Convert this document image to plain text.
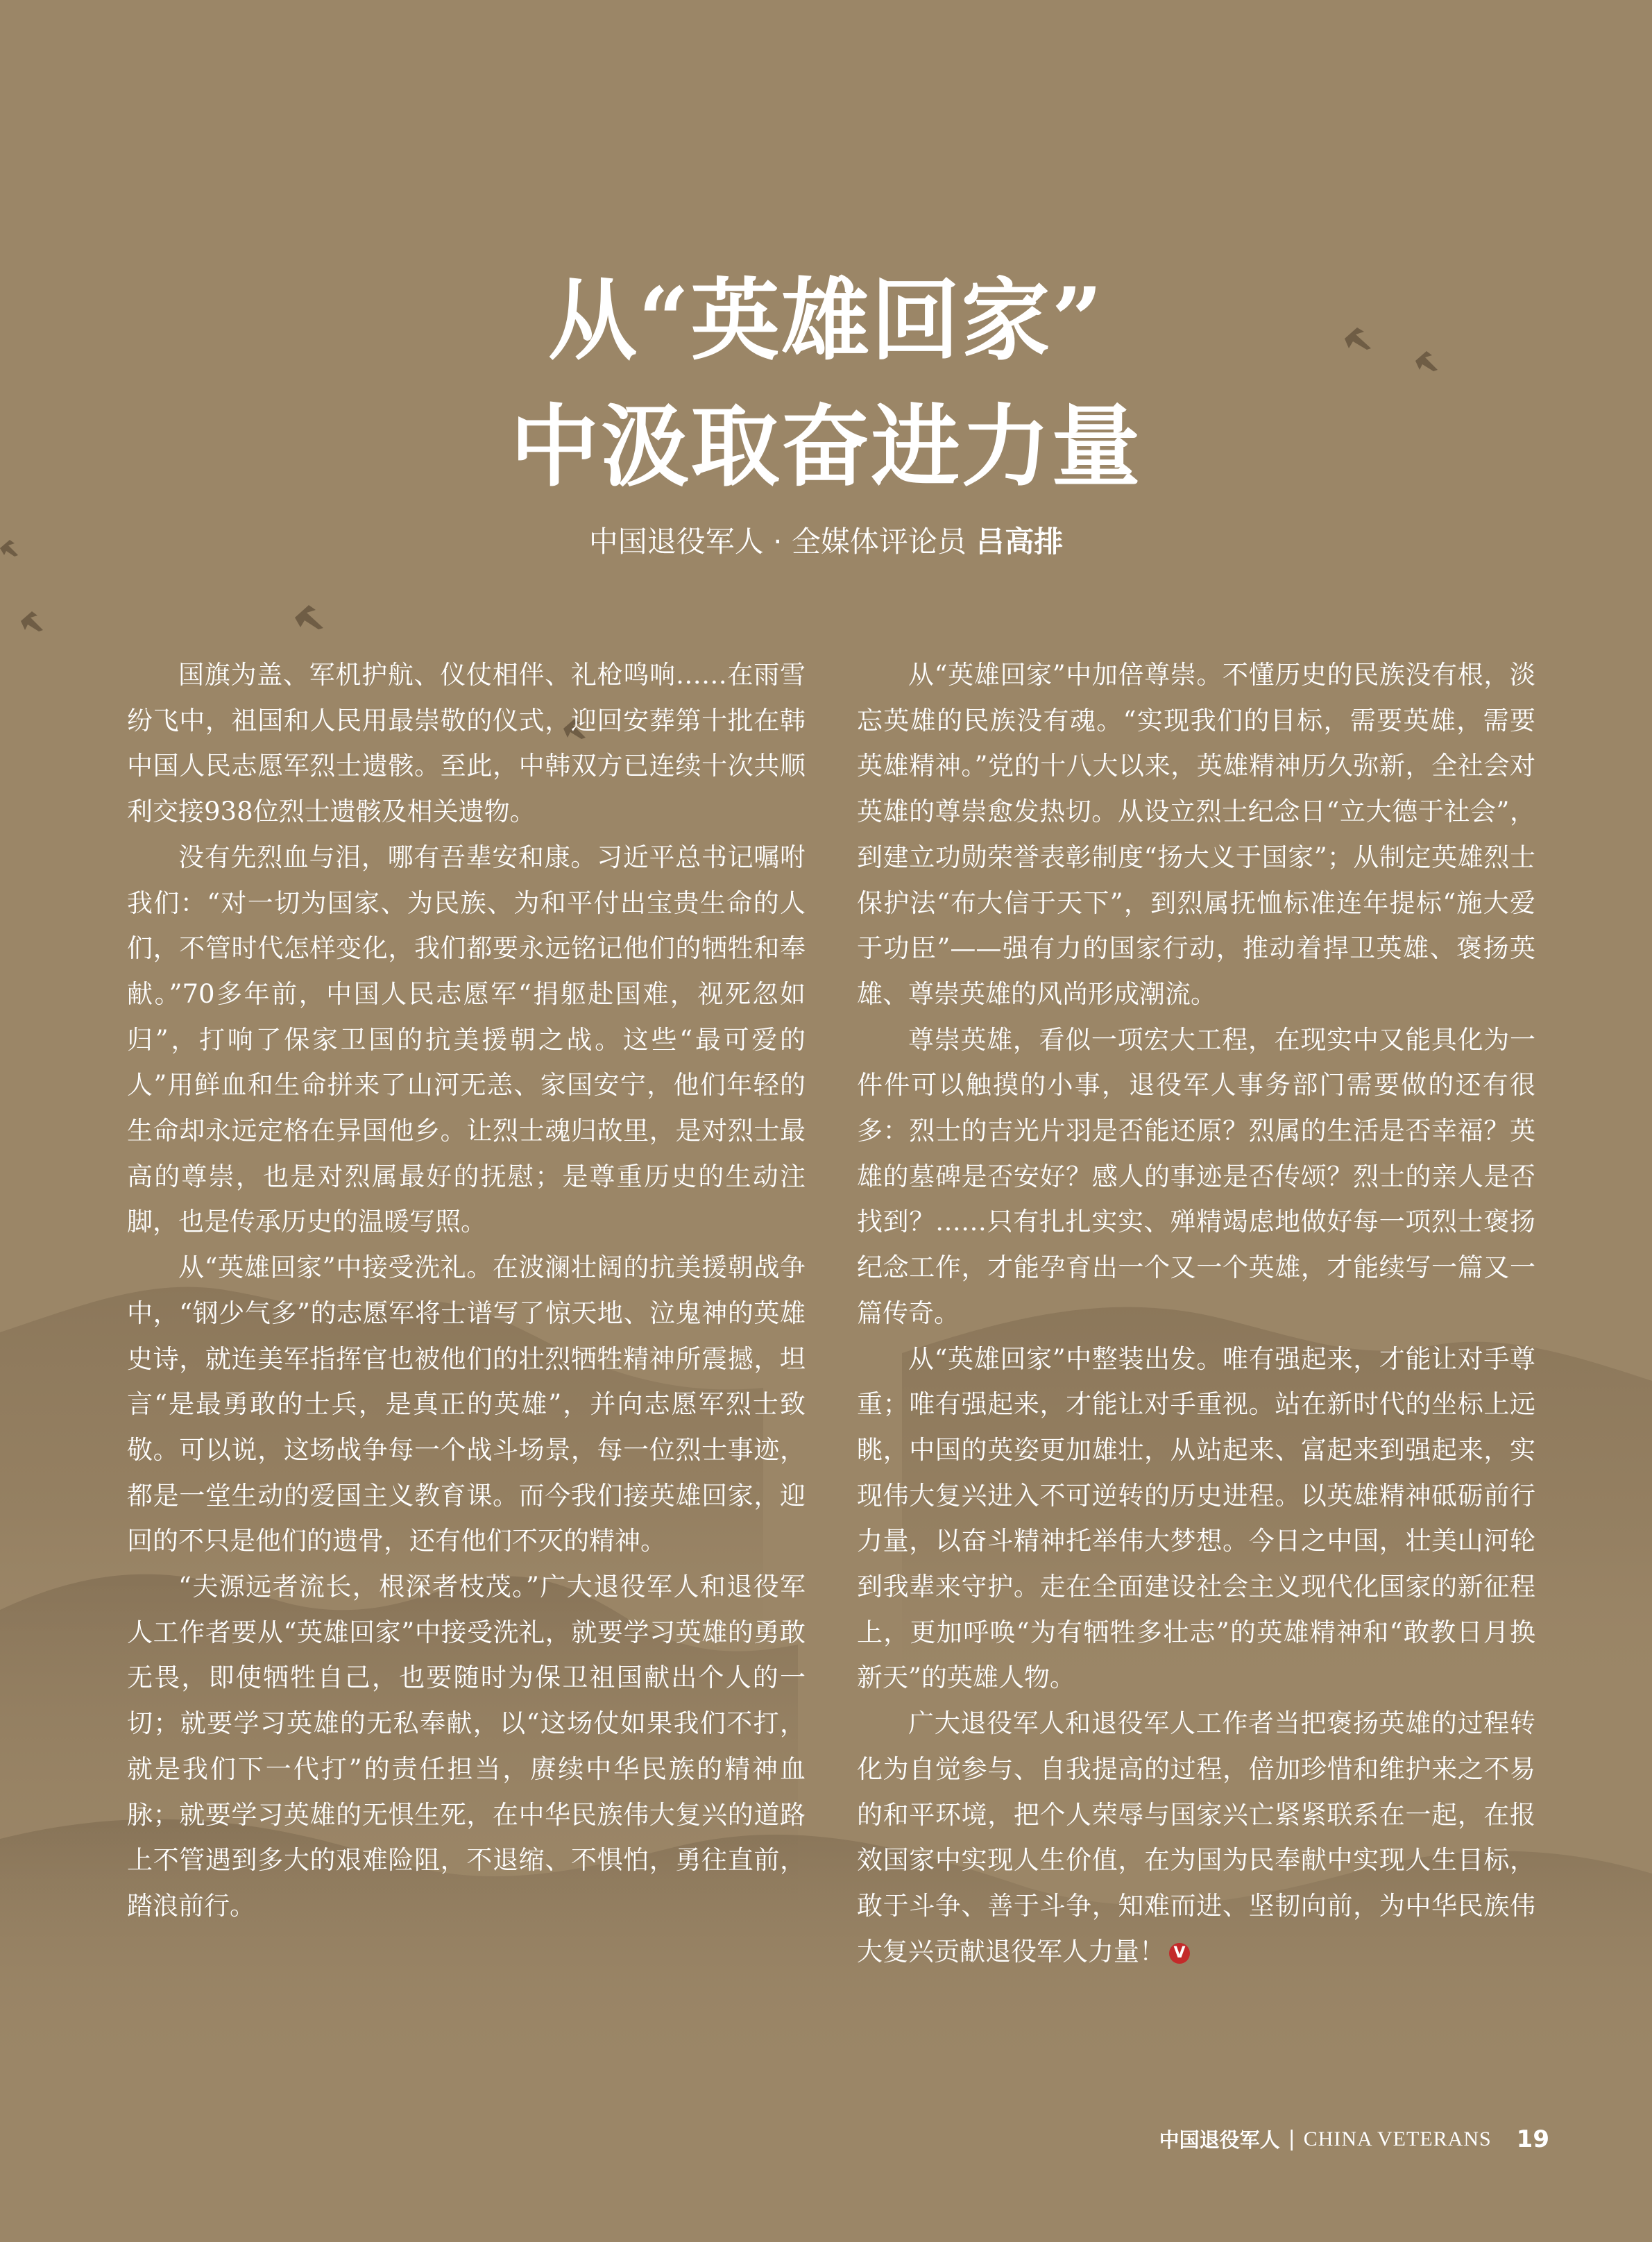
从“英雄回家”
中汲取奋进力量
中国退役军人 · 全媒体评论员 吕高排

国旗为盖、军机护航、仪仗相伴、礼枪鸣响……在雨雪纷飞中，祖国和人民用最崇敬的仪式，迎回安葬第十批在韩中国人民志愿军烈士遗骸。至此，中韩双方已连续十次共顺利交接938位烈士遗骸及相关遗物。

没有先烈血与泪，哪有吾辈安和康。习近平总书记嘱咐我们：“对一切为国家、为民族、为和平付出宝贵生命的人们，不管时代怎样变化，我们都要永远铭记他们的牺牲和奉献。”70多年前，中国人民志愿军“捐躯赴国难，视死忽如归”，打响了保家卫国的抗美援朝之战。这些“最可爱的人”用鲜血和生命拼来了山河无恙、家国安宁，他们年轻的生命却永远定格在异国他乡。让烈士魂归故里，是对烈士最高的尊崇，也是对烈属最好的抚慰；是尊重历史的生动注脚，也是传承历史的温暖写照。

从“英雄回家”中接受洗礼。在波澜壮阔的抗美援朝战争中，“钢少气多”的志愿军将士谱写了惊天地、泣鬼神的英雄史诗，就连美军指挥官也被他们的壮烈牺牲精神所震撼，坦言“是最勇敢的士兵，是真正的英雄”，并向志愿军烈士致敬。可以说，这场战争每一个战斗场景，每一位烈士事迹，都是一堂生动的爱国主义教育课。而今我们接英雄回家，迎回的不只是他们的遗骨，还有他们不灭的精神。

“夫源远者流长，根深者枝茂。”广大退役军人和退役军人工作者要从“英雄回家”中接受洗礼，就要学习英雄的勇敢无畏，即使牺牲自己，也要随时为保卫祖国献出个人的一切；就要学习英雄的无私奉献，以“这场仗如果我们不打，就是我们下一代打”的责任担当，赓续中华民族的精神血脉；就要学习英雄的无惧生死，在中华民族伟大复兴的道路上不管遇到多大的艰难险阻，不退缩、不惧怕，勇往直前，踏浪前行。

从“英雄回家”中加倍尊崇。不懂历史的民族没有根，淡忘英雄的民族没有魂。“实现我们的目标，需要英雄，需要英雄精神。”党的十八大以来，英雄精神历久弥新，全社会对英雄的尊崇愈发热切。从设立烈士纪念日“立大德于社会”，到建立功勋荣誉表彰制度“扬大义于国家”；从制定英雄烈士保护法“布大信于天下”，到烈属抚恤标准连年提标“施大爱于功臣”——强有力的国家行动，推动着捍卫英雄、褒扬英雄、尊崇英雄的风尚形成潮流。

尊崇英雄，看似一项宏大工程，在现实中又能具化为一件件可以触摸的小事，退役军人事务部门需要做的还有很多：烈士的吉光片羽是否能还原？烈属的生活是否幸福？英雄的墓碑是否安好？感人的事迹是否传颂？烈士的亲人是否找到？……只有扎扎实实、殚精竭虑地做好每一项烈士褒扬纪念工作，才能孕育出一个又一个英雄，才能续写一篇又一篇传奇。

从“英雄回家”中整装出发。唯有强起来，才能让对手尊重；唯有强起来，才能让对手重视。站在新时代的坐标上远眺，中国的英姿更加雄壮，从站起来、富起来到强起来，实现伟大复兴进入不可逆转的历史进程。以英雄精神砥砺前行力量，以奋斗精神托举伟大梦想。今日之中国，壮美山河轮到我辈来守护。走在全面建设社会主义现代化国家的新征程上，更加呼唤“为有牺牲多壮志”的英雄精神和“敢教日月换新天”的英雄人物。

广大退役军人和退役军人工作者当把褒扬英雄的过程转化为自觉参与、自我提高的过程，倍加珍惜和维护来之不易的和平环境，把个人荣辱与国家兴亡紧紧联系在一起，在报效国家中实现人生价值，在为国为民奉献中实现人生目标，敢于斗争、善于斗争，知难而进、坚韧向前，为中华民族伟大复兴贡献退役军人力量！ V

中国退役军人 | CHINA VETERANS 19
